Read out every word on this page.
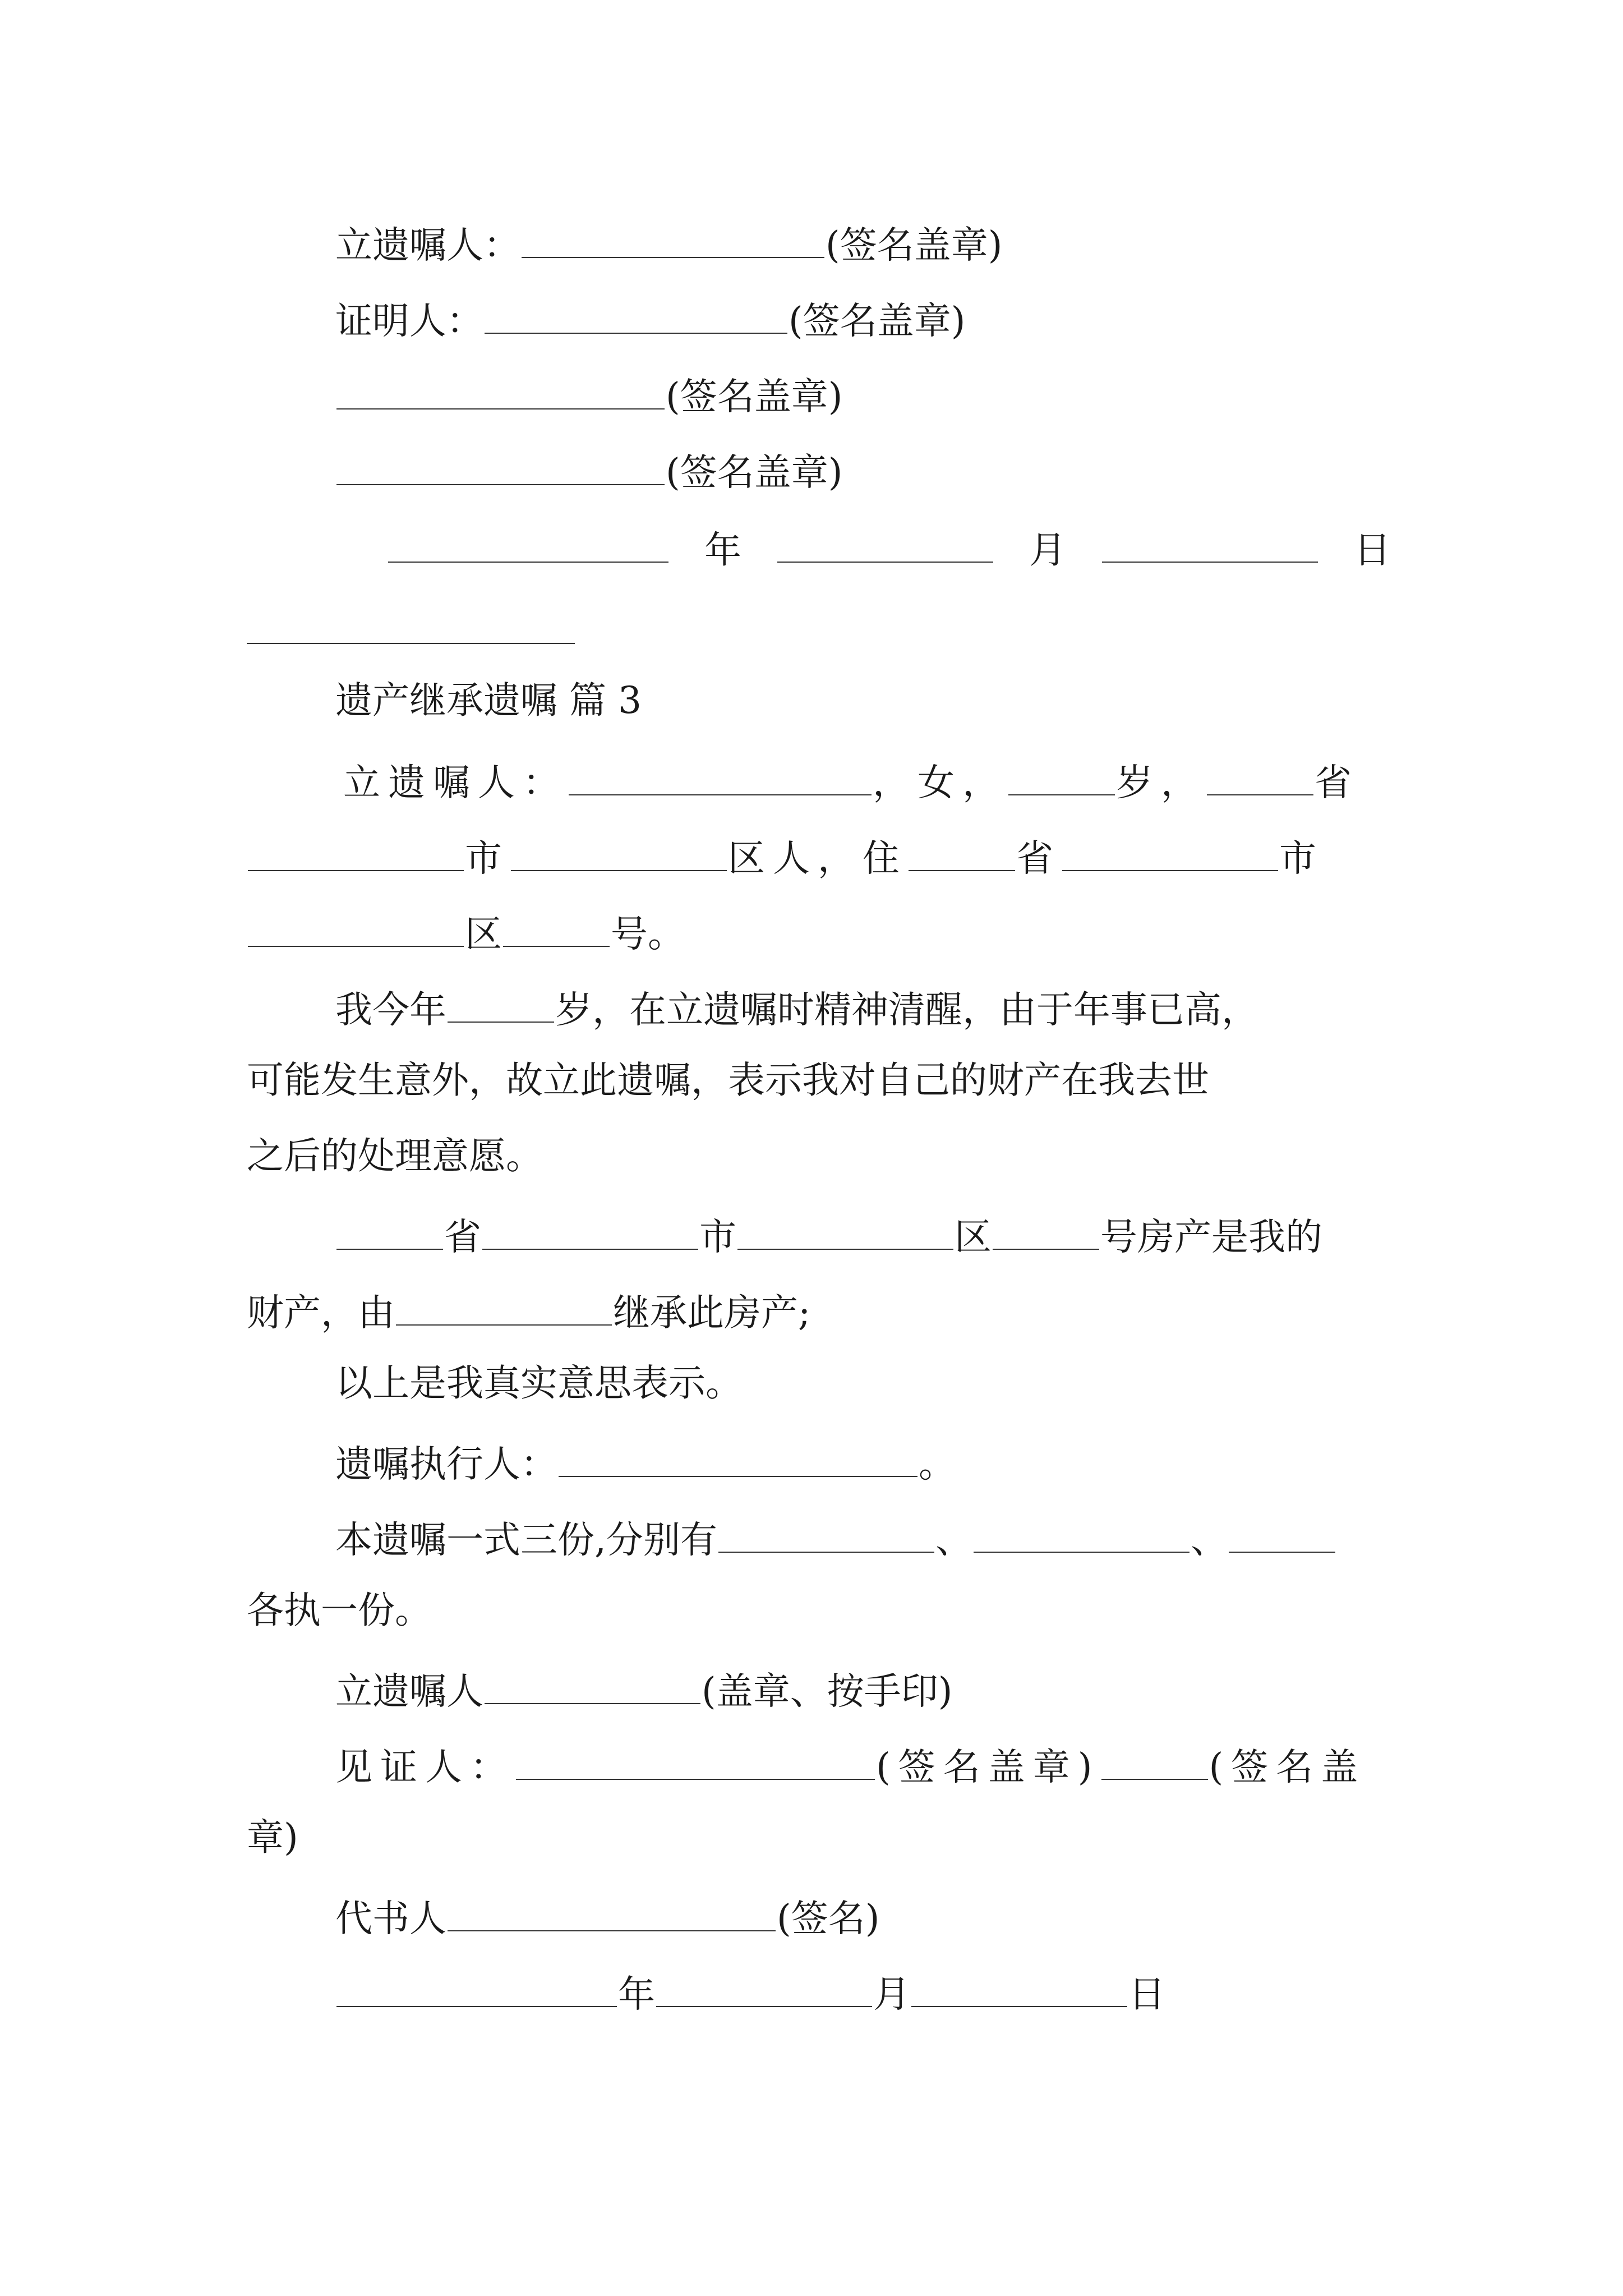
立遗嘱人：	(签名盖章)
证明人：	(签名盖章)
(签名盖章)
(签名盖章)
年	月	日
遗产继承遗嘱 篇 3
立遗嘱人：	，女，	岁，	省
市	区人，住	省	市
区	号。
我今年	岁，在立遗嘱时精神清醒，由于年事已高，
可能发生意外，故立此遗嘱，表示我对自己的财产在我去世
之后的处理意愿。
省	市	区	号房产是我的
财产，由	继承此房产;
以上是我真实意思表示。
遗嘱执行人：	。
本遗嘱一式三份,分别有	、	、
各执一份。
立遗嘱人	(盖章、按手印)
见证人：	(签名盖章)	(签名盖
章)
代书人	(签名)
年	月	日
